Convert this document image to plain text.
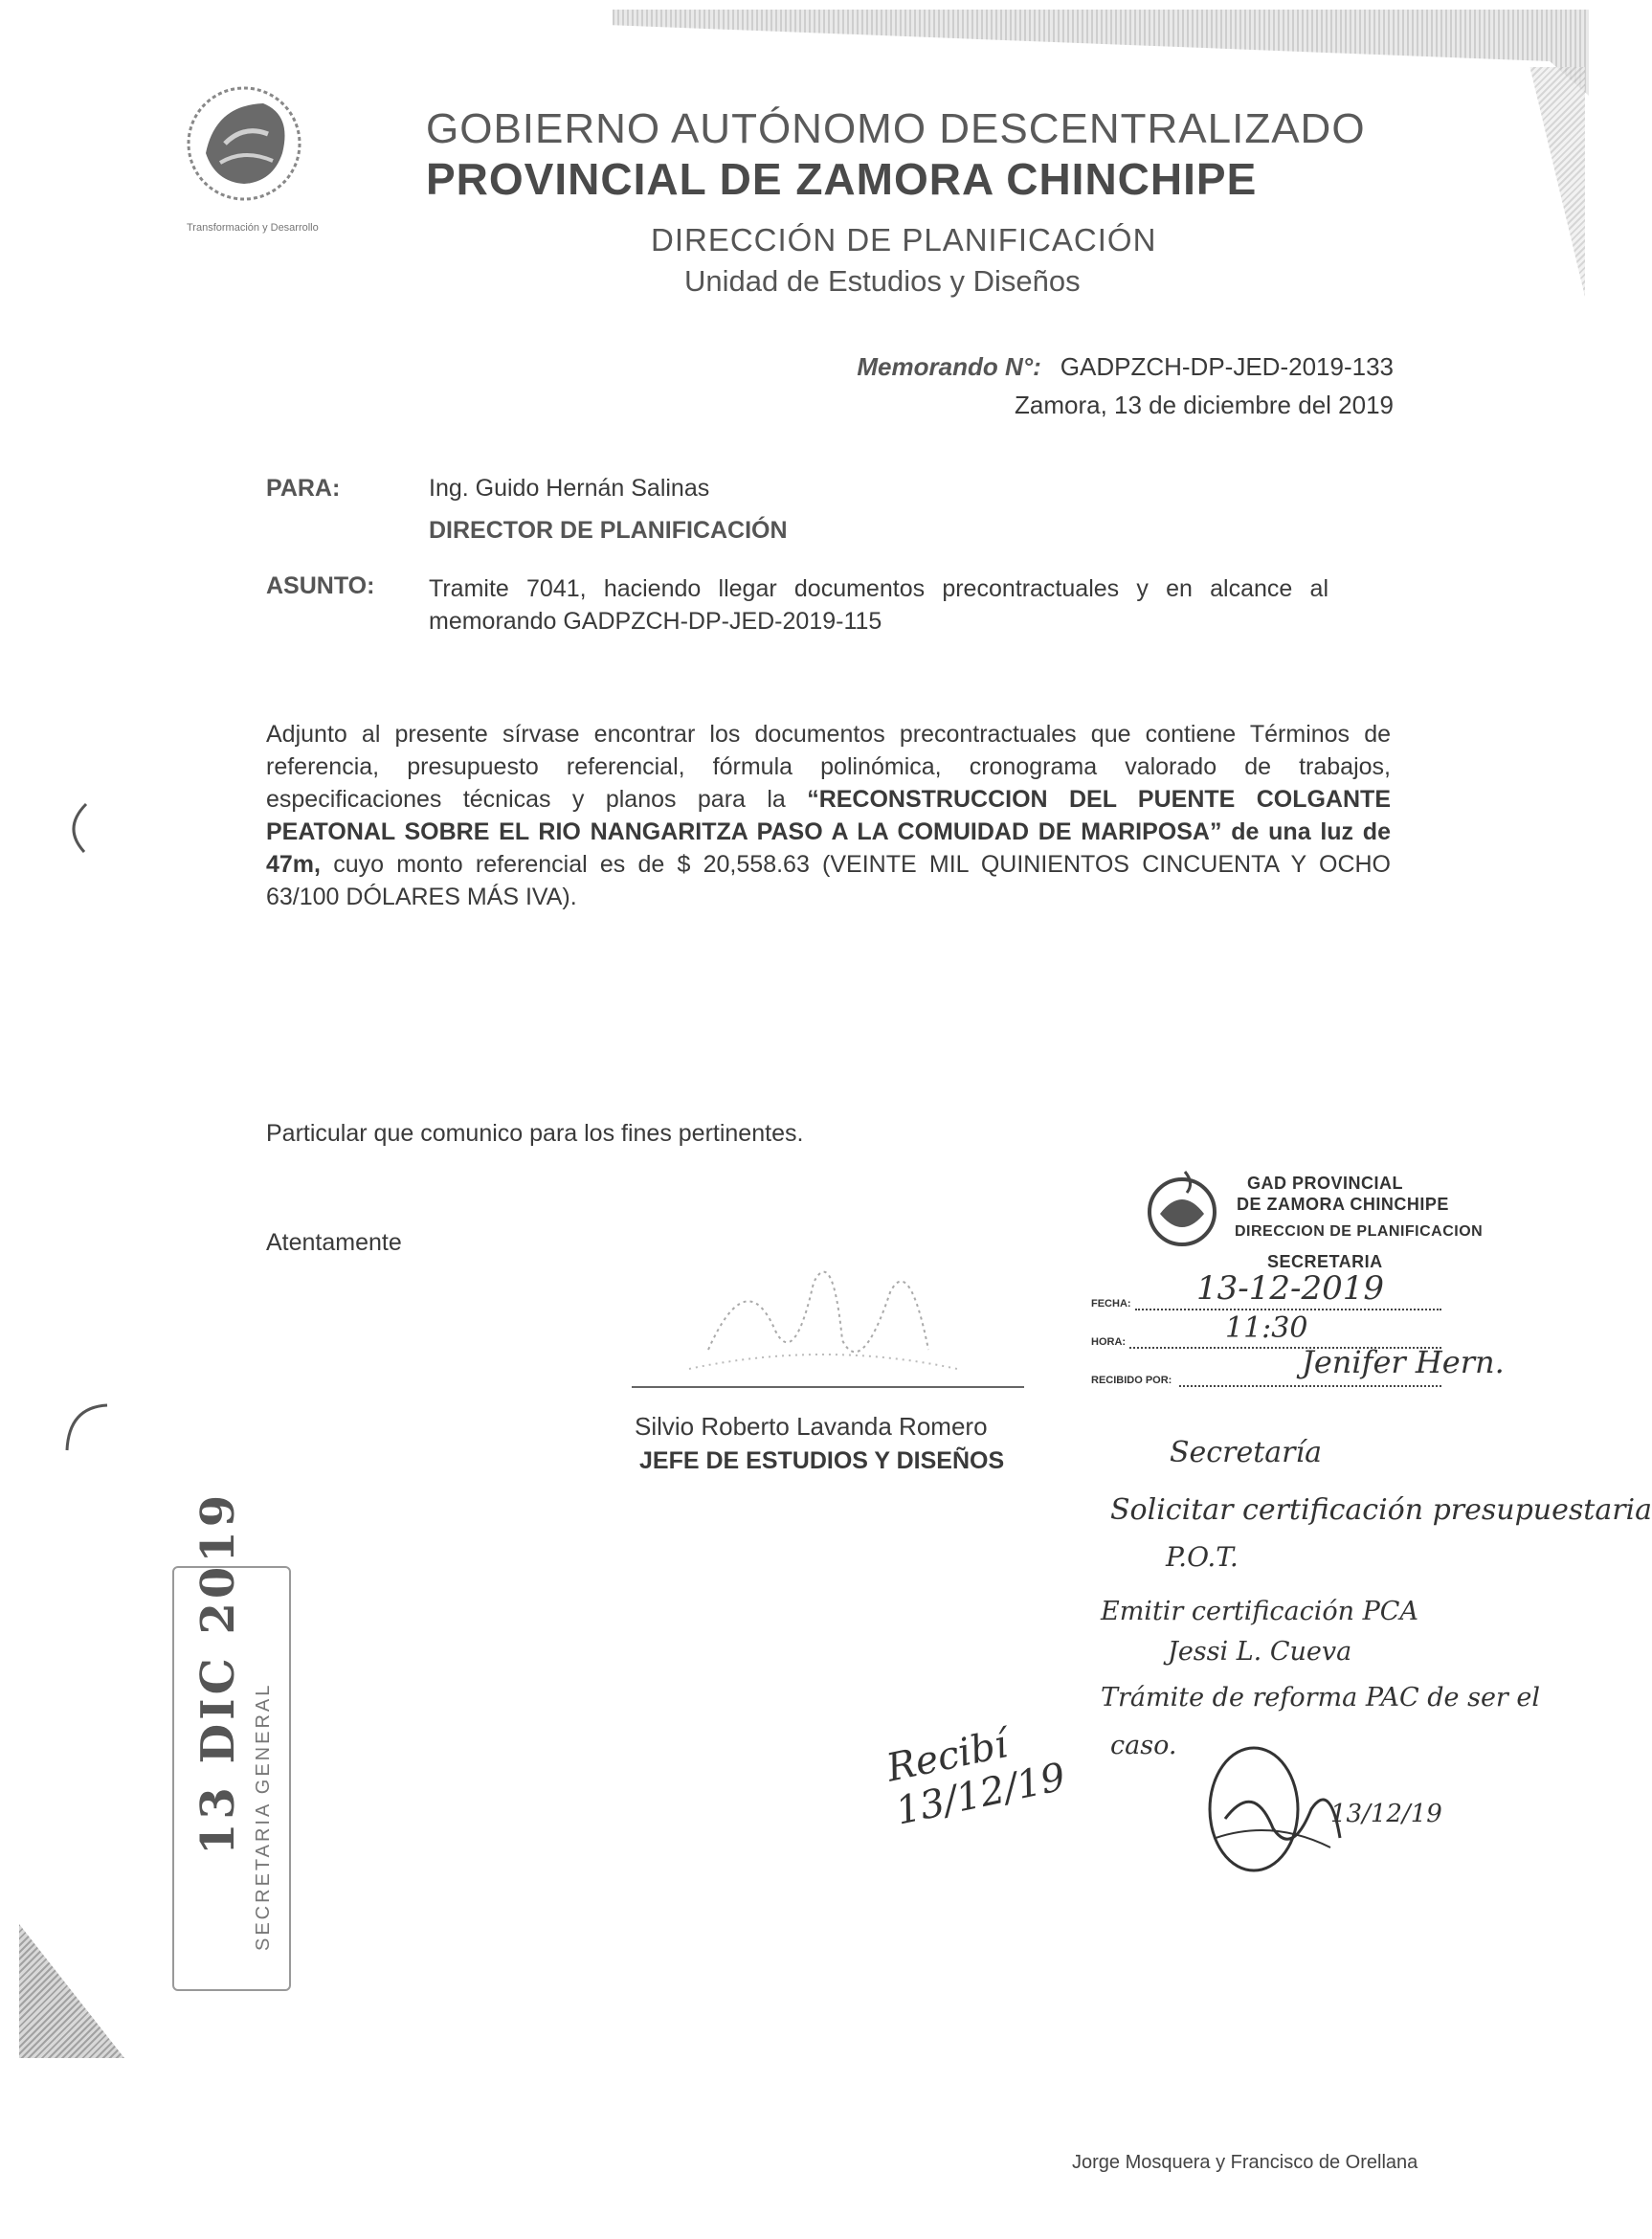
Transformación y Desarrollo
GOBIERNO AUTÓNOMO DESCENTRALIZADO
PROVINCIAL DE ZAMORA CHINCHIPE
DIRECCIÓN DE PLANIFICACIÓN
Unidad de Estudios y Diseños
Memorando N°: GADPZCH-DP-JED-2019-133
Zamora, 13 de diciembre del 2019
PARA:	Ing. Guido Hernán Salinas
DIRECTOR DE PLANIFICACIÓN
ASUNTO: Tramite 7041, haciendo llegar documentos precontractuales y en alcance al memorando GADPZCH-DP-JED-2019-115
Adjunto al presente sírvase encontrar los documentos precontractuales que contiene Términos de referencia, presupuesto referencial, fórmula polinómica, cronograma valorado de trabajos, especificaciones técnicas y planos para la “RECONSTRUCCION DEL PUENTE COLGANTE PEATONAL SOBRE EL RIO NANGARITZA PASO A LA COMUIDAD DE MARIPOSA” de una luz de 47m, cuyo monto referencial es de $ 20,558.63 (VEINTE MIL QUINIENTOS CINCUENTA Y OCHO 63/100 DÓLARES MÁS IVA).
Particular que comunico para los fines pertinentes.
Atentamente
Silvio Roberto Lavanda Romero
JEFE DE ESTUDIOS Y DISEÑOS
GAD PROVINCIAL
DE ZAMORA CHINCHIPE
DIRECCION DE PLANIFICACION
SECRETARIA
FECHA: 13-12-2019
HORA:	11:30
RECIBIDO POR:	Jenifer Hern.
Secretaría
Solicitar certificación presupuestaria
P.O.T.
Emitir certificación PCA
Jessi L. Cueva
Trámite de reforma PAC de ser el
caso.
13/12/19
Recibí
13/12/19
13 DIC 2019 SECRETARIA GENERAL
Jorge Mosquera y Francisco de Orellana
